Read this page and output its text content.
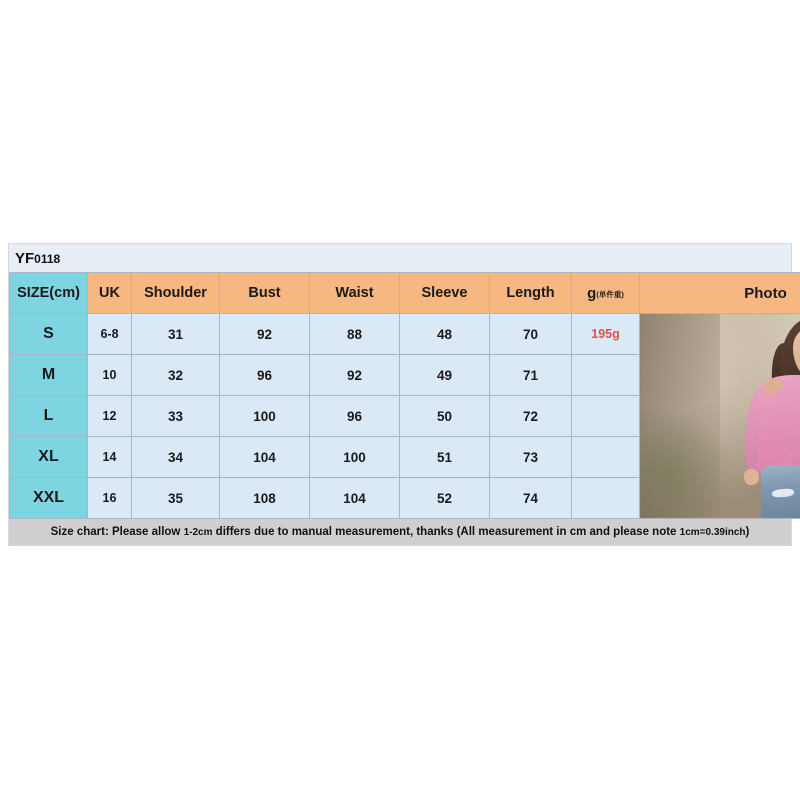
YF0118
SIZE(cm)	UK	Shoulder	Bust	Waist	Sleeve	Length	g(单件重)	Photo
S	6-8	31	92	88	48	70	195g	

M	10	32	96	92	49	71		
L	12	33	100	96	50	72		
XL	14	34	104	100	51	73		
XXL	16	35	108	104	52	74		
Size chart: Please allow 1-2cm differs due to manual measurement, thanks (All measurement in cm and please note 1cm=0.39inch)
